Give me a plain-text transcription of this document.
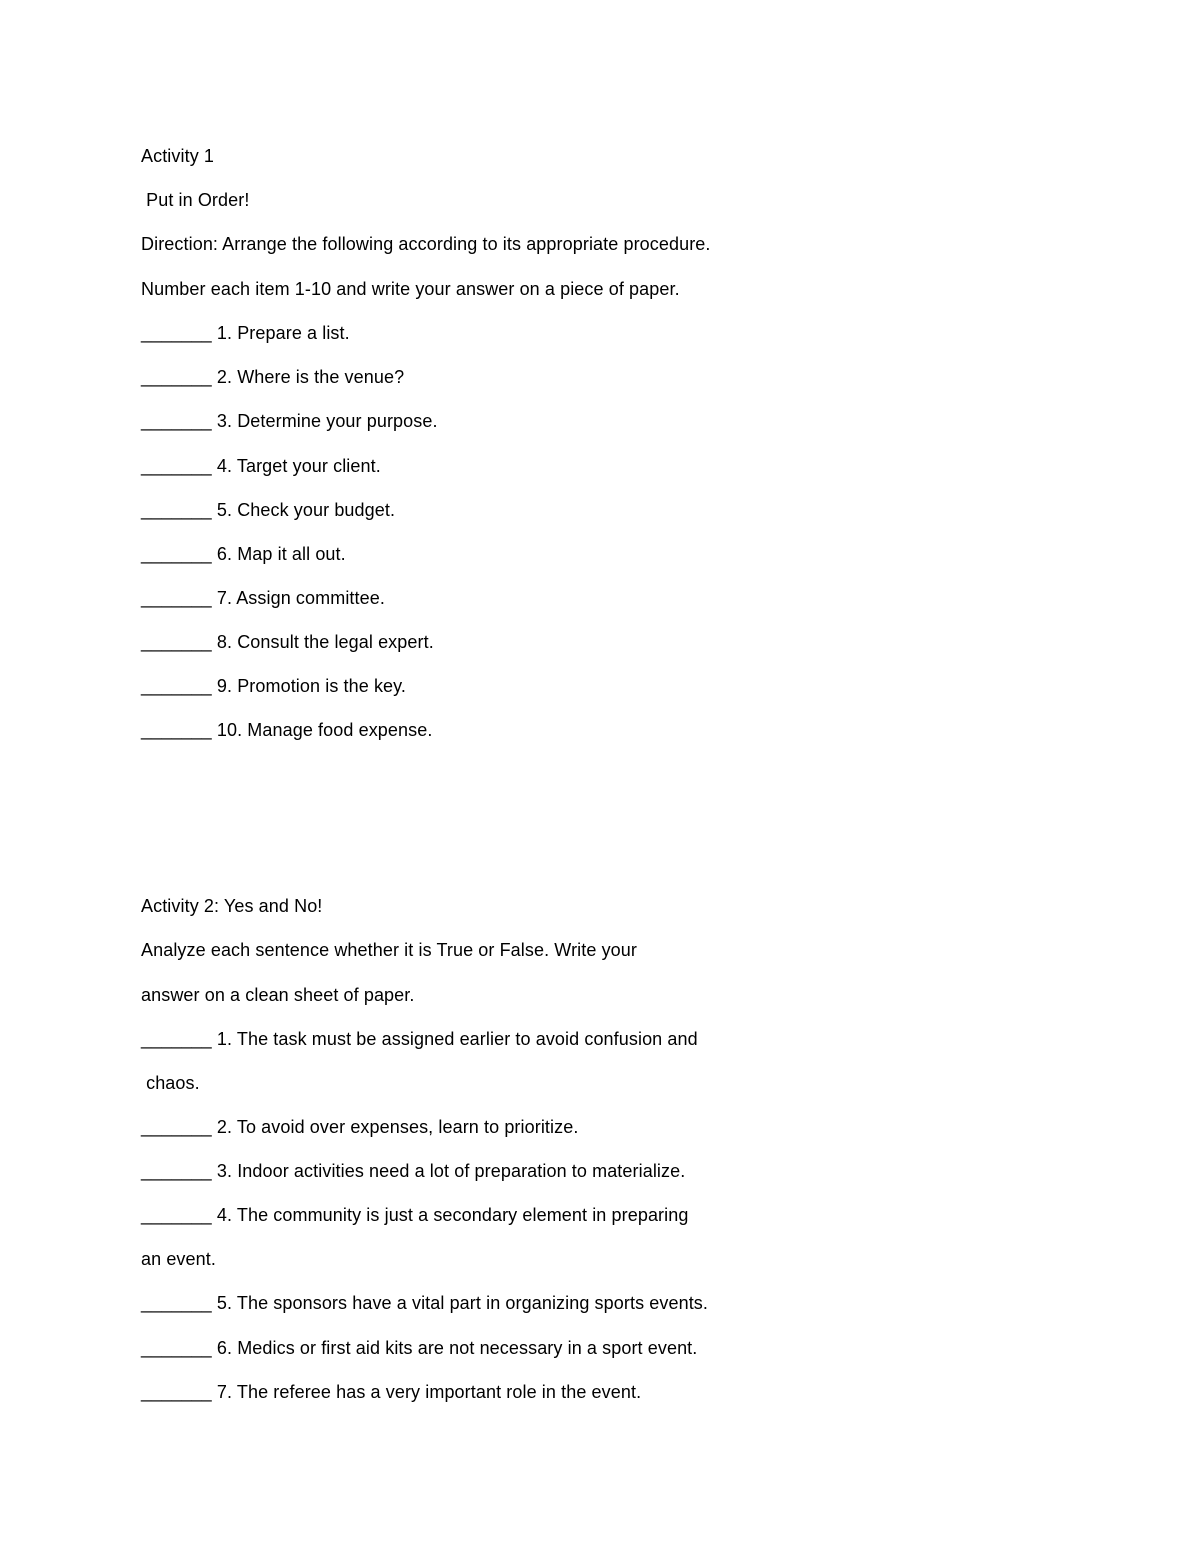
Activity 1
Put in Order!
Direction: Arrange the following according to its appropriate procedure.
Number each item 1-10 and write your answer on a piece of paper.
_______ 1. Prepare a list.
_______ 2. Where is the venue?
_______ 3. Determine your purpose.
_______ 4. Target your client.
_______ 5. Check your budget.
_______ 6. Map it all out.
_______ 7. Assign committee.
_______ 8. Consult the legal expert.
_______ 9. Promotion is the key.
_______ 10. Manage food expense.
Activity 2: Yes and No!
Analyze each sentence whether it is True or False. Write your
answer on a clean sheet of paper.
_______ 1. The task must be assigned earlier to avoid confusion and
chaos.
_______ 2. To avoid over expenses, learn to prioritize.
_______ 3. Indoor activities need a lot of preparation to materialize.
_______ 4. The community is just a secondary element in preparing
an event.
_______ 5. The sponsors have a vital part in organizing sports events.
_______ 6. Medics or first aid kits are not necessary in a sport event.
_______ 7. The referee has a very important role in the event.
